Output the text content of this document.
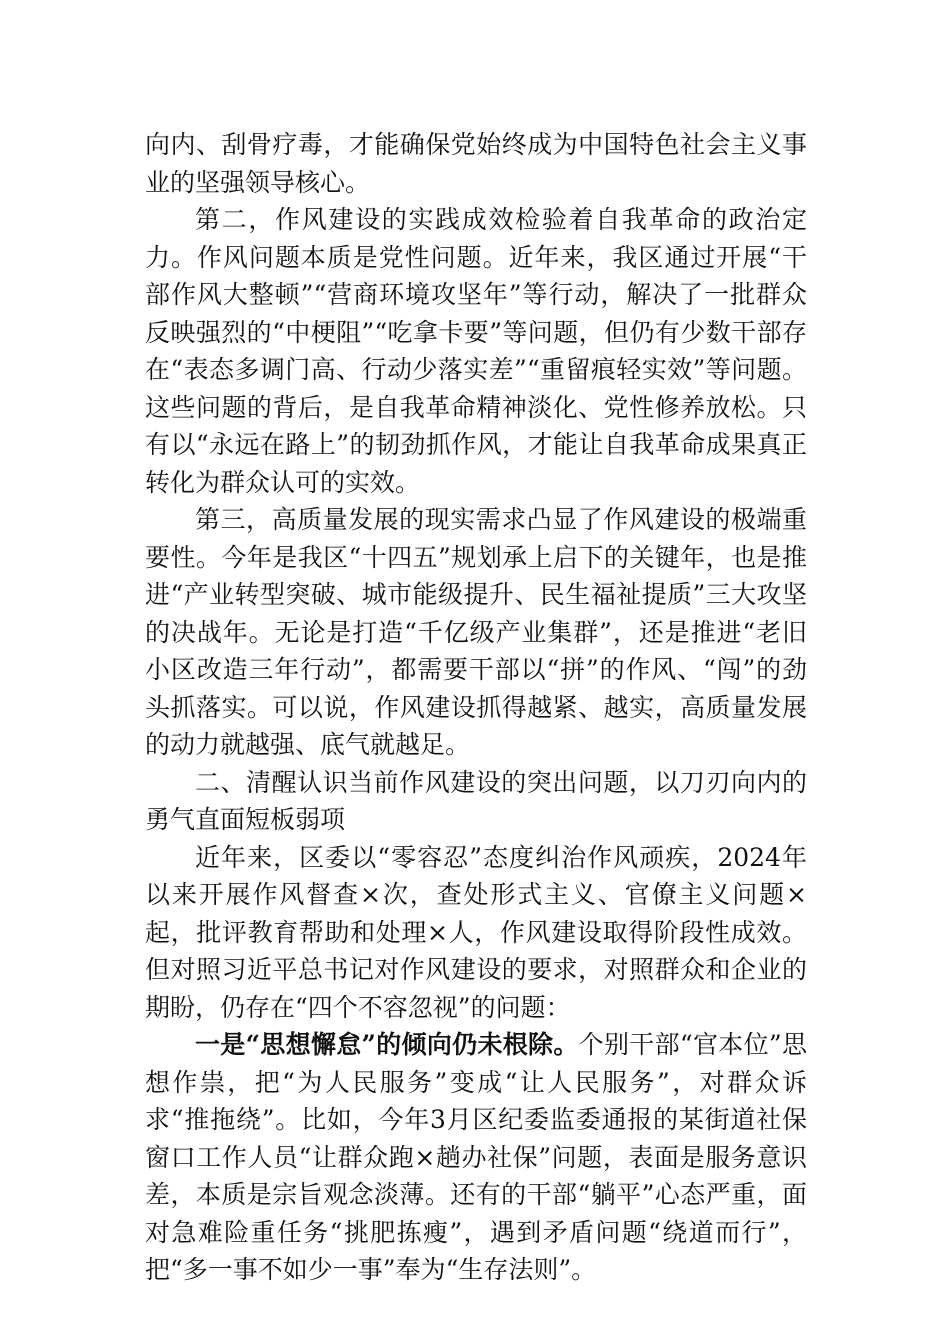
向内、刮骨疗毒，才能确保党始终成为中国特色社会主义事业的坚强领导核心。

第二，作风建设的实践成效检验着自我革命的政治定力。作风问题本质是党性问题。近年来，我区通过开展“干部作风大整顿”“营商环境攻坚年”等行动，解决了一批群众反映强烈的“中梗阻”“吃拿卡要”等问题，但仍有少数干部存在“表态多调门高、行动少落实差”“重留痕轻实效”等问题。这些问题的背后，是自我革命精神淡化、党性修养放松。只有以“永远在路上”的韧劲抓作风，才能让自我革命成果真正转化为群众认可的实效。

第三，高质量发展的现实需求凸显了作风建设的极端重要性。今年是我区“十四五”规划承上启下的关键年，也是推进“产业转型突破、城市能级提升、民生福祉提质”三大攻坚的决战年。无论是打造“千亿级产业集群”，还是推进“老旧小区改造三年行动”，都需要干部以“拼”的作风、“闯”的劲头抓落实。可以说，作风建设抓得越紧、越实，高质量发展的动力就越强、底气就越足。

二、清醒认识当前作风建设的突出问题，以刀刃向内的勇气直面短板弱项

近年来，区委以“零容忍”态度纠治作风顽疾，2024年以来开展作风督查×次，查处形式主义、官僚主义问题×起，批评教育帮助和处理×人，作风建设取得阶段性成效。但对照习近平总书记对作风建设的要求，对照群众和企业的期盼，仍存在“四个不容忽视”的问题：

一是“思想懈怠”的倾向仍未根除。个别干部“官本位”思想作祟，把“为人民服务”变成“让人民服务”，对群众诉求“推拖绕”。比如，今年3月区纪委监委通报的某街道社保窗口工作人员“让群众跑×趟办社保”问题，表面是服务意识差，本质是宗旨观念淡薄。还有的干部“躺平”心态严重，面对急难险重任务“挑肥拣瘦”，遇到矛盾问题“绕道而行”，把“多一事不如少一事”奉为“生存法则”。
